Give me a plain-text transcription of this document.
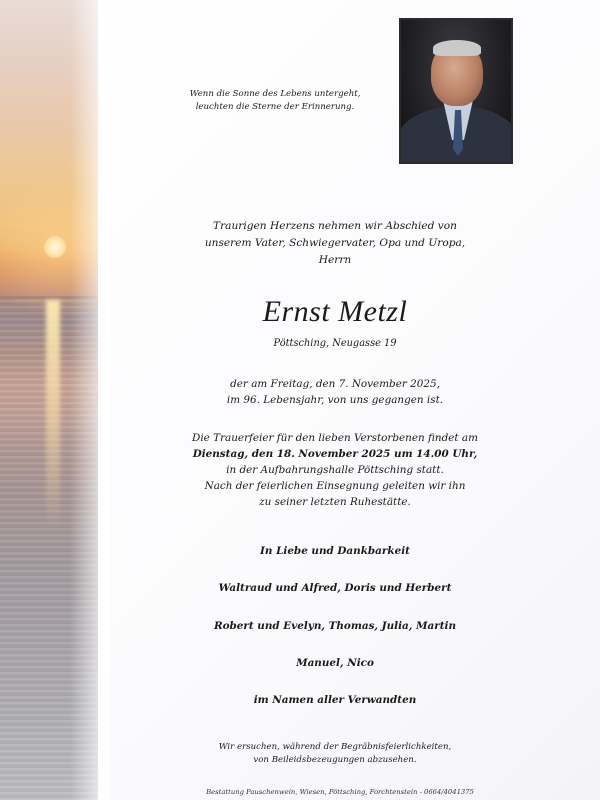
Wenn die Sonne des Lebens untergeht,
leuchten die Sterne der Erinnerung.
Traurigen Herzens nehmen wir Abschied von
unserem Vater, Schwiegervater, Opa und Uropa,
Herrn
Ernst Metzl
Pöttsching, Neugasse 19
der am Freitag, den 7. November 2025,
im 96. Lebensjahr, von uns gegangen ist.
Die Trauerfeier für den lieben Verstorbenen findet am
Dienstag, den 18. November 2025 um 14.00 Uhr,
in der Aufbahrungshalle Pöttsching statt.
Nach der feierlichen Einsegnung geleiten wir ihn
zu seiner letzten Ruhestätte.
In Liebe und Dankbarkeit
Waltraud und Alfred, Doris und Herbert
Robert und Evelyn, Thomas, Julia, Martin
Manuel, Nico
im Namen aller Verwandten
Wir ersuchen, während der Begräbnisfeierlichkeiten,
von Beileidsbezeugungen abzusehen.
Bestattung Pauschenwein, Wiesen, Pöttsching, Forchtenstein - 0664/4041375
